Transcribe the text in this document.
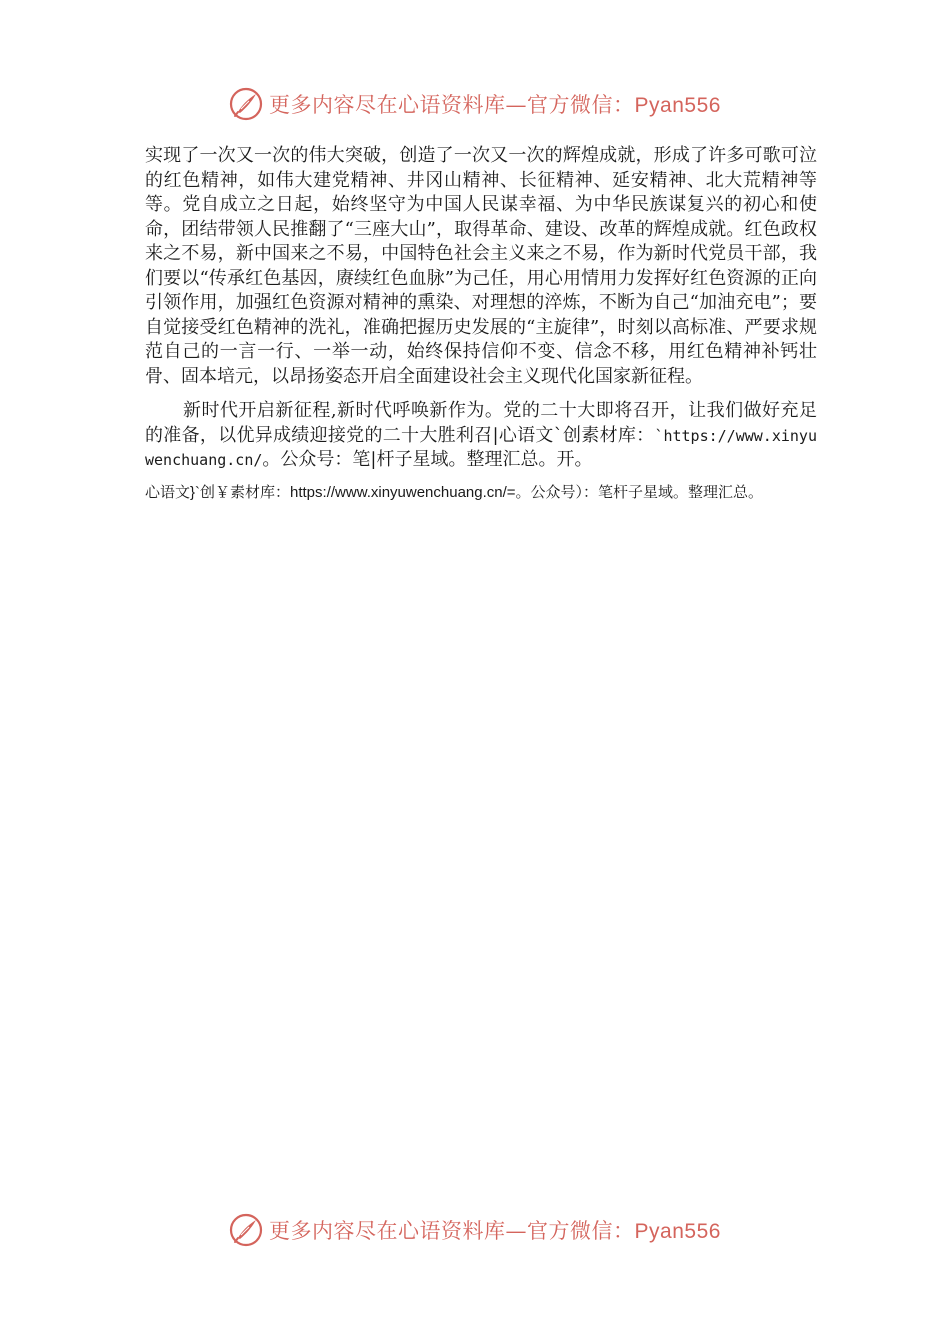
更多内容尽在心语资料库—官方微信：Pyan556

实现了一次又一次的伟大突破，创造了一次又一次的辉煌成就，形成了许多可歌可泣的红色精神，如伟大建党精神、井冈山精神、长征精神、延安精神、北大荒精神等等。党自成立之日起，始终坚守为中国人民谋幸福、为中华民族谋复兴的初心和使命，团结带领人民推翻了“三座大山”，取得革命、建设、改革的辉煌成就。红色政权来之不易，新中国来之不易，中国特色社会主义来之不易，作为新时代党员干部，我们要以“传承红色基因，赓续红色血脉”为己任，用心用情用力发挥好红色资源的正向引领作用，加强红色资源对精神的熏染、对理想的淬炼，不断为自己“加油充电”；要自觉接受红色精神的洗礼，准确把握历史发展的“主旋律”，时刻以高标准、严要求规范自己的一言一行、一举一动，始终保持信仰不变、信念不移，用红色精神补钙壮骨、固本培元，以昂扬姿态开启全面建设社会主义现代化国家新征程。

新时代开启新征程,新时代呼唤新作为。党的二十大即将召开，让我们做好充足的准备，以优异成绩迎接党的二十大胜利召|心语文`创素材库：`https://www.xinyuwenchuang.cn/。公众号：笔|杆子星域。整理汇总。开。

心语文}`创￥素材库：https://www.xinyuwenchuang.cn/=。公众号）：笔杆子星域。整理汇总。

更多内容尽在心语资料库—官方微信：Pyan556
